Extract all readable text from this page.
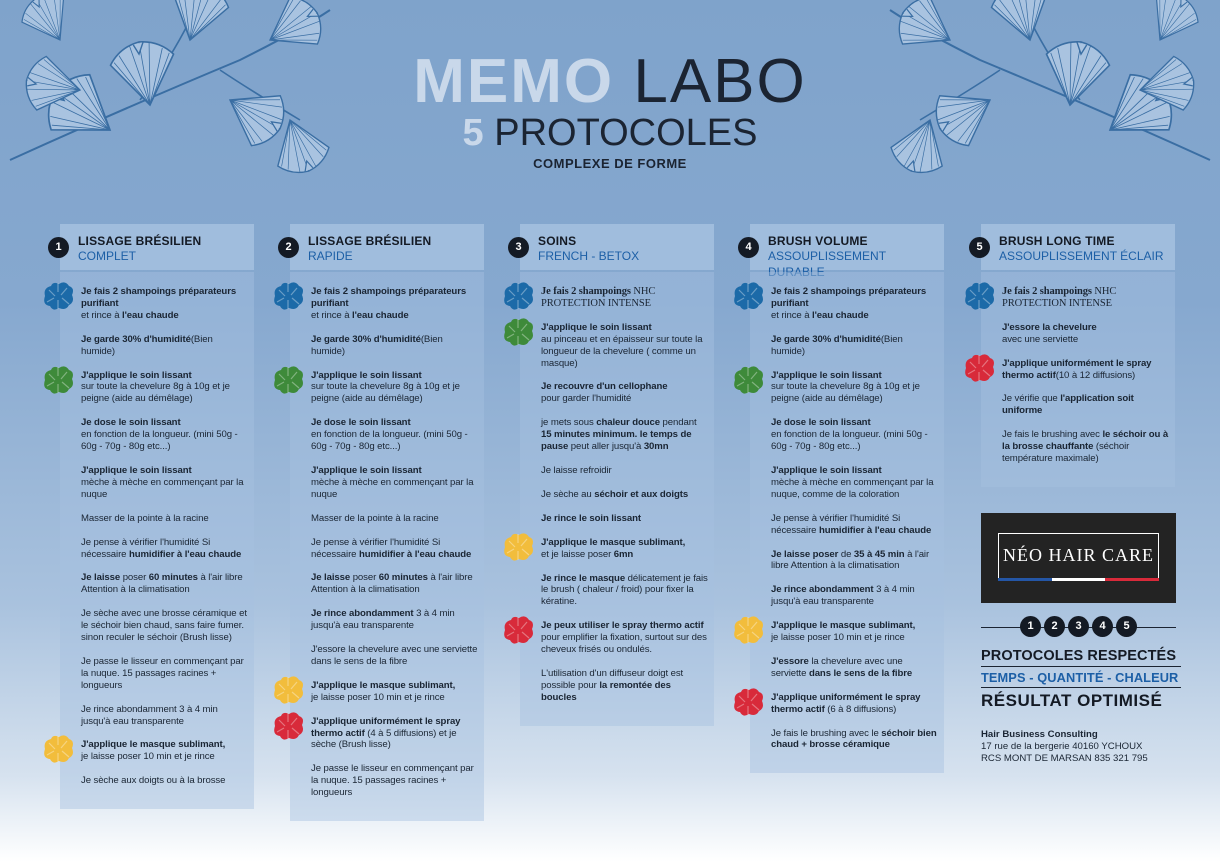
MEMO LABO
5 PROTOCOLES
COMPLEXE DE FORME
1	LISSAGE BRÉSILIEN
COMPLET
Je fais 2 shampoings préparateurs purifiant
et rince à l'eau chaude
Je garde 30% d'humidité(Bien humide)
J'applique le soin lissant
sur toute la chevelure 8g à 10g et je peigne (aide au démêlage)
Je dose le soin lissant
en fonction de la longueur. (mini 50g - 60g - 70g - 80g etc...)
J'applique le soin lissant
mèche à mèche en commençant par la nuque
Masser de la pointe à la racine
Je pense à vérifier l'humidité Si nécessaire humidifier à l'eau chaude
Je laisse poser 60 minutes à l'air libre Attention à la climatisation
Je sèche avec une brosse céramique et le séchoir bien chaud, sans faire fumer. sinon reculer le séchoir (Brush lisse)
Je passe le lisseur en commençant par la nuque. 15 passages racines + longueurs
Je rince abondamment 3 à 4 min jusqu'à eau transparente
J'applique le masque sublimant,
je laisse poser 10 min et je rince
Je sèche aux doigts ou à la brosse
2	LISSAGE BRÉSILIEN
RAPIDE
Je fais 2 shampoings préparateurs purifiant
et rince à l'eau chaude
Je garde 30% d'humidité(Bien humide)
J'applique le soin lissant
sur toute la chevelure 8g à 10g et je peigne (aide au démêlage)
Je dose le soin lissant
en fonction de la longueur. (mini 50g - 60g - 70g - 80g etc...)
J'applique le soin lissant
mèche à mèche en commençant par la nuque
Masser de la pointe à la racine
Je pense à vérifier l'humidité Si nécessaire humidifier à l'eau chaude
Je laisse poser 60 minutes à l'air libre Attention à la climatisation
Je rince abondamment 3 à 4 min jusqu'à eau transparente
J'essore la chevelure avec une serviette dans le sens de la fibre
J'applique le masque sublimant,
je laisse poser 10 min et je rince
J'applique uniformément le spray thermo actif (4 à 5 diffusions) et je sèche (Brush lisse)
Je passe le lisseur en commençant par la nuque. 15 passages racines + longueurs
3	SOINS
FRENCH - BETOX
Je fais 2 shampoings NHC PROTECTION INTENSE
J'applique le soin lissant
au pinceau et en épaisseur sur toute la longueur de la chevelure ( comme un masque)
Je recouvre d'un cellophane
pour garder l'humidité
je mets sous chaleur douce pendant 15 minutes minimum. le temps de pause peut aller jusqu'à 30mn
Je laisse refroidir
Je sèche au séchoir et aux doigts
Je rince le soin lissant
J'applique le masque sublimant,
et je laisse poser 6mn
Je rince le masque délicatement je fais le brush ( chaleur / froid) pour fixer la kératine.
Je peux utiliser le spray thermo actif pour emplifier la fixation, surtout sur des cheveux frisés ou ondulés.
L'utilisation d'un diffuseur doigt est possible pour la remontée des boucles
4	BRUSH VOLUME
ASSOUPLISSEMENT DURABLE
Je fais 2 shampoings préparateurs purifiant
et rince à l'eau chaude
Je garde 30% d'humidité(Bien humide)
J'applique le soin lissant
sur toute la chevelure 8g à 10g et je peigne (aide au démêlage)
Je dose le soin lissant
en fonction de la longueur. (mini 50g - 60g - 70g - 80g etc...)
J'applique le soin lissant
mèche à mèche en commençant par la nuque, comme de la coloration
Je pense à vérifier l'humidité Si nécessaire humidifier à l'eau chaude
Je laisse poser de 35 à 45 min à l'air libre Attention à la climatisation
Je rince abondamment 3 à 4 min jusqu'à eau transparente
J'applique le masque sublimant,
je laisse poser 10 min et je rince
J'essore la chevelure avec une serviette dans le sens de la fibre
J'applique uniformément le spray thermo actif (6 à 8 diffusions)
Je fais le brushing avec le séchoir bien chaud + brosse céramique
5	BRUSH LONG TIME
ASSOUPLISSEMENT ÉCLAIR
Je fais 2 shampoings NHC PROTECTION INTENSE
J'essore la chevelure
avec une serviette
J'applique uniformément le spray thermo actif(10 à 12 diffusions)
Je vérifie que l'application soit uniforme
Je fais le brushing avec le séchoir ou à la brosse chauffante (séchoir température maximale)
NÉO HAIR CARE
1	2	3	4	5
PROTOCOLES RESPECTÉS
TEMPS - QUANTITÉ - CHALEUR
RÉSULTAT OPTIMISÉ
Hair Business Consulting
17 rue de la bergerie 40160 YCHOUX
RCS MONT DE MARSAN 835 321 795
